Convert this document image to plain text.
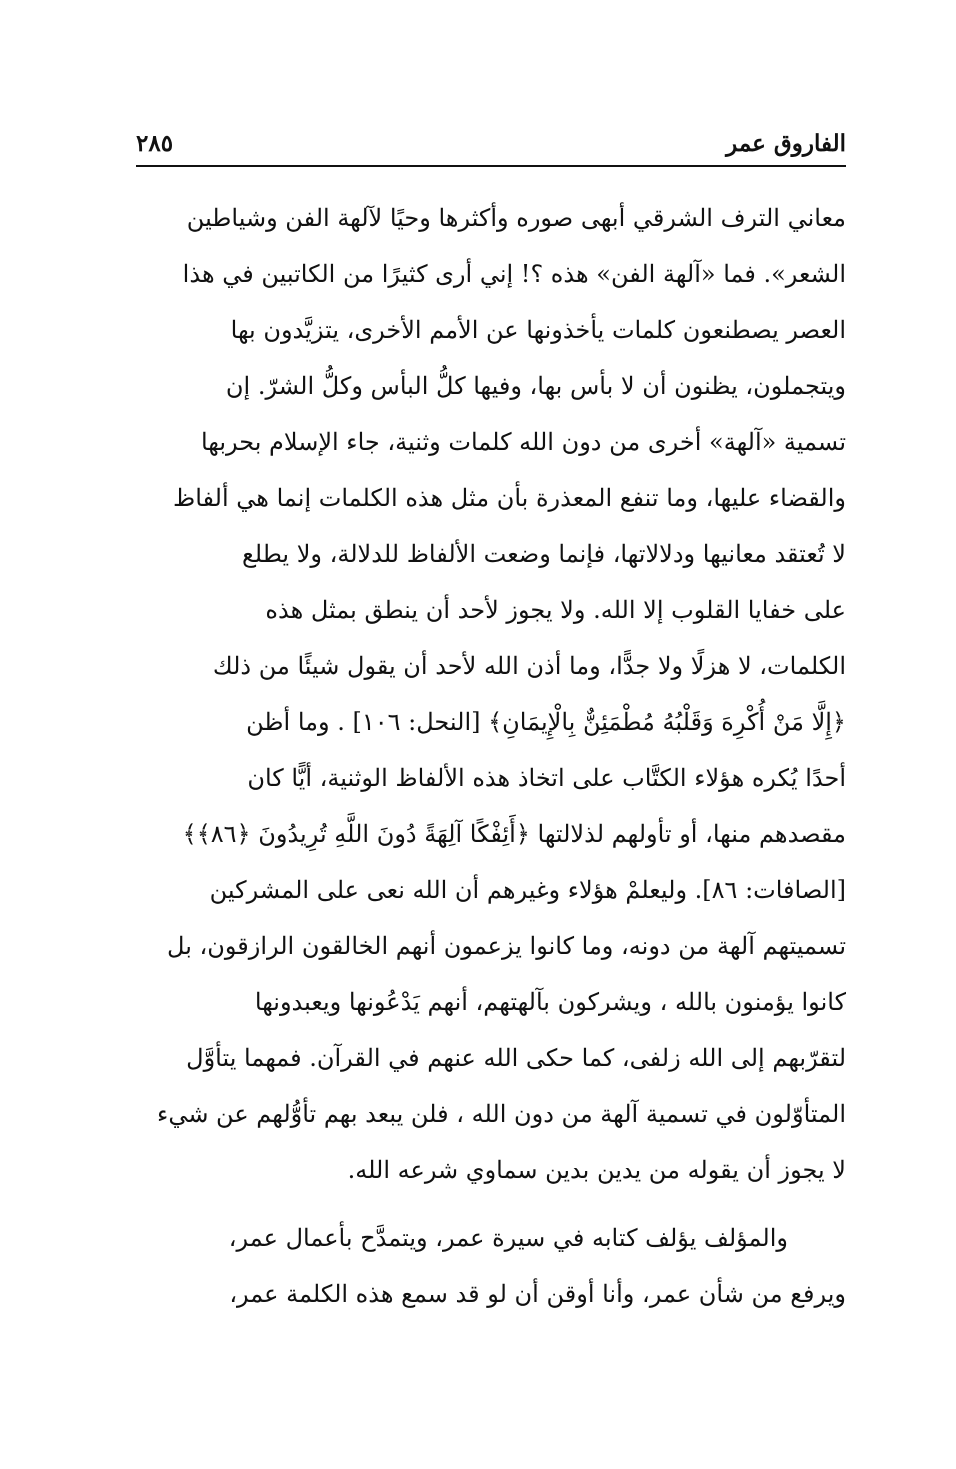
الفاروق عمر
٢٨٥
معاني الترف الشرقي أبهى صوره وأكثرها وحيًا لآلهة الفن وشياطين
الشعر». فما «آلهة الفن» هذه ؟! إني أرى كثيرًا من الكاتبين في هذا
العصر يصطنعون كلمات يأخذونها عن الأمم الأخرى، يتزيَّدون بها
ويتجملون، يظنون أن لا بأس بها، وفيها كلُّ البأس وكلُّ الشرّ. إن
تسمية «آلهة» أخرى من دون الله كلمات وثنية، جاء الإسلام بحربها
والقضاء عليها، وما تنفع المعذرة بأن مثل هذه الكلمات إنما هي ألفاظ
لا تُعتقد معانيها ودلالاتها، فإنما وضعت الألفاظ للدلالة، ولا يطلع
على خفايا القلوب إلا الله. ولا يجوز لأحد أن ينطق بمثل هذه
الكلمات، لا هزلًا ولا جدًّا، وما أذن الله لأحد أن يقول شيئًا من ذلك
﴿إِلَّا مَنْ أُكْرِهَ وَقَلْبُهُ مُطْمَئِنٌّ بِالْإِيمَانِ﴾ [النحل: ١٠٦] . وما أظن
أحدًا يُكره هؤلاء الكتَّاب على اتخاذ هذه الألفاظ الوثنية، أيًّا كان
مقصدهم منها، أو تأولهم لذلالتها ﴿أَئِفْكًا آلِهَةً دُونَ اللَّهِ تُرِيدُونَ ﴿٨٦﴾﴾
[الصافات: ٨٦]. وليعلمْ هؤلاء وغيرهم أن الله نعى على المشركين
تسميتهم آلهة من دونه، وما كانوا يزعمون أنهم الخالقون الرازقون، بل
كانوا يؤمنون بالله ، ويشركون بآلهتهم، أنهم يَدْعُونها ويعبدونها
لتقرّبهم إلى الله زلفى، كما حكى الله عنهم في القرآن. فمهما يتأوَّل
المتأوّلون في تسمية آلهة من دون الله ، فلن يبعد بهم تأوُّلهم عن شيء
لا يجوز أن يقوله من يدين بدين سماوي شرعه الله.
والمؤلف يؤلف كتابه في سيرة عمر، ويتمدَّح بأعمال عمر،
ويرفع من شأن عمر، وأنا أوقن أن لو قد سمع هذه الكلمة عمر،
